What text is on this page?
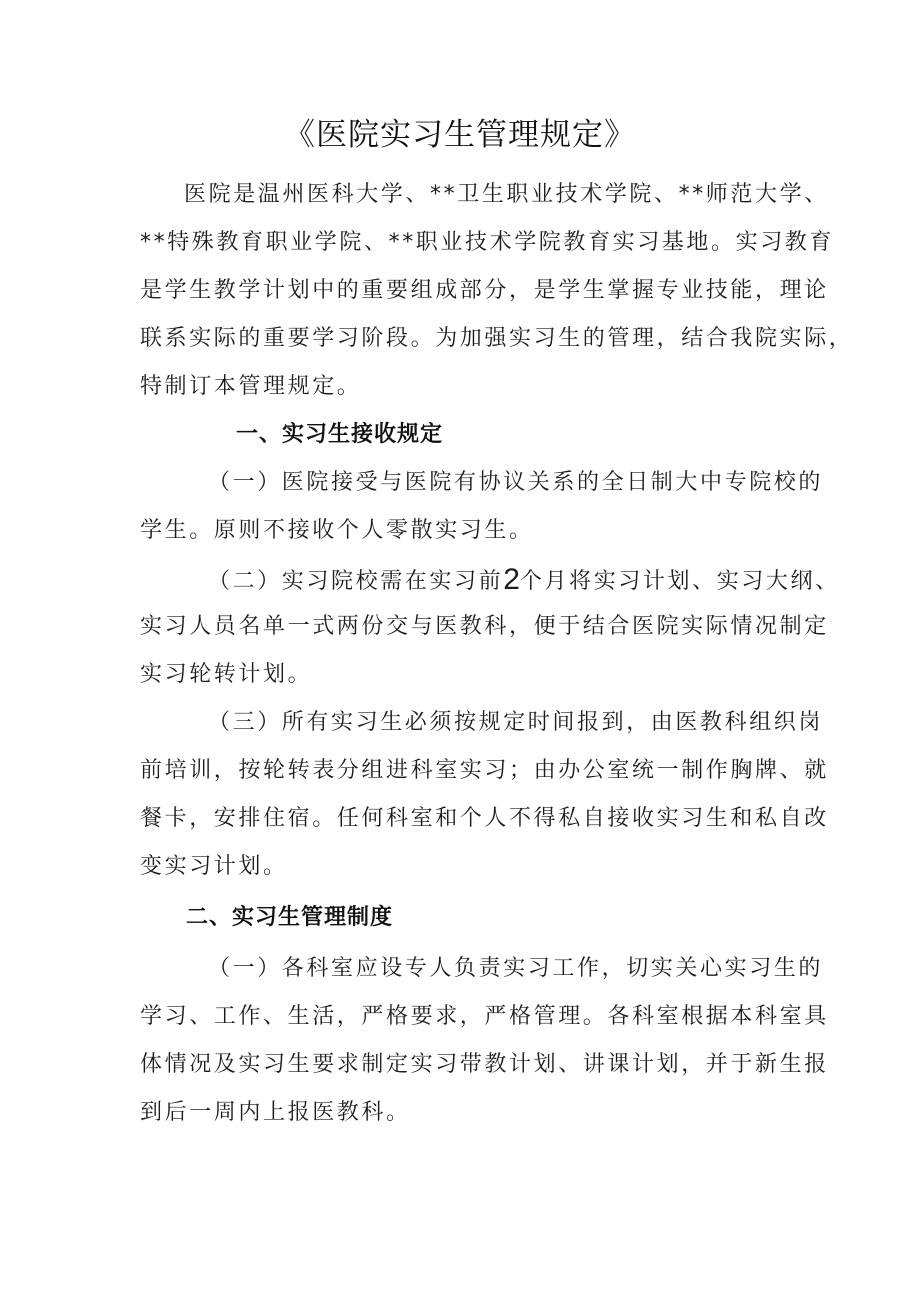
《医院实习生管理规定》
医院是温州医科大学、**卫生职业技术学院、**师范大学、
**特殊教育职业学院、**职业技术学院教育实习基地。实习教育
是学生教学计划中的重要组成部分，是学生掌握专业技能，理论
联系实际的重要学习阶段。为加强实习生的管理，结合我院实际，
特制订本管理规定。
一、实习生接收规定
（一）医院接受与医院有协议关系的全日制大中专院校的
学生。原则不接收个人零散实习生。
（二）实习院校需在实习前2个月将实习计划、实习大纲、
实习人员名单一式两份交与医教科，便于结合医院实际情况制定
实习轮转计划。
（三）所有实习生必须按规定时间报到，由医教科组织岗
前培训，按轮转表分组进科室实习；由办公室统一制作胸牌、就
餐卡，安排住宿。任何科室和个人不得私自接收实习生和私自改
变实习计划。
二、实习生管理制度
（一）各科室应设专人负责实习工作，切实关心实习生的
学习、工作、生活，严格要求，严格管理。各科室根据本科室具
体情况及实习生要求制定实习带教计划、讲课计划，并于新生报
到后一周内上报医教科。
